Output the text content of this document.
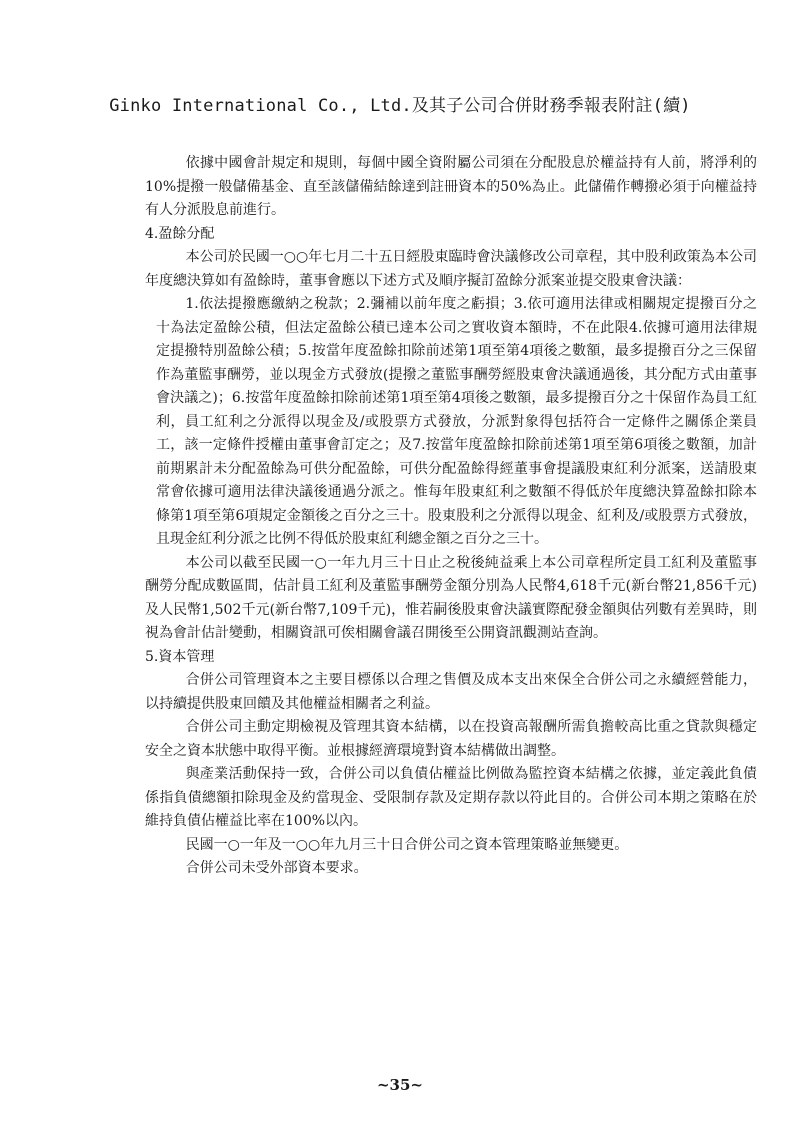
Ginko International Co., Ltd.及其子公司合併財務季報表附註(續)

依據中國會計規定和規則，每個中國全資附屬公司須在分配股息於權益持有人前，將淨利的10%提撥一般儲備基金、直至該儲備結餘達到註冊資本的50%為止。此儲備作轉撥必須于向權益持有人分派股息前進行。

4.盈餘分配

本公司於民國一○○年七月二十五日經股東臨時會決議修改公司章程，其中股利政策為本公司年度總決算如有盈餘時，董事會應以下述方式及順序擬訂盈餘分派案並提交股東會決議：

1.依法提撥應繳納之稅款；2.彌補以前年度之虧損；3.依可適用法律或相關規定提撥百分之十為法定盈餘公積，但法定盈餘公積已達本公司之實收資本額時，不在此限4.依據可適用法律規定提撥特別盈餘公積；5.按當年度盈餘扣除前述第1項至第4項後之數額，最多提撥百分之三保留作為董監事酬勞，並以現金方式發放(提撥之董監事酬勞經股東會決議通過後，其分配方式由董事會決議之)；6.按當年度盈餘扣除前述第1項至第4項後之數額，最多提撥百分之十保留作為員工紅利，員工紅利之分派得以現金及/或股票方式發放，分派對象得包括符合一定條件之關係企業員工，該一定條件授權由董事會訂定之；及7.按當年度盈餘扣除前述第1項至第6項後之數額，加計前期累計未分配盈餘為可供分配盈餘，可供分配盈餘得經董事會提議股東紅利分派案，送請股東常會依據可適用法律決議後通過分派之。惟每年股東紅利之數額不得低於年度總決算盈餘扣除本條第1項至第6項規定金額後之百分之三十。股東股利之分派得以現金、紅利及/或股票方式發放，且現金紅利分派之比例不得低於股東紅利總金額之百分之三十。

本公司以截至民國一○一年九月三十日止之稅後純益乘上本公司章程所定員工紅利及董監事酬勞分配成數區間，估計員工紅利及董監事酬勞金額分別為人民幣4,618千元(新台幣21,856千元)及人民幣1,502千元(新台幣7,109千元)，惟若嗣後股東會決議實際配發金額與估列數有差異時，則視為會計估計變動，相關資訊可俟相關會議召開後至公開資訊觀測站查詢。

5.資本管理

合併公司管理資本之主要目標係以合理之售價及成本支出來保全合併公司之永續經營能力，以持續提供股東回饋及其他權益相關者之利益。

合併公司主動定期檢視及管理其資本結構，以在投資高報酬所需負擔較高比重之貸款與穩定安全之資本狀態中取得平衡。並根據經濟環境對資本結構做出調整。

與產業活動保持一致，合併公司以負債佔權益比例做為監控資本結構之依據，並定義此負債係指負債總額扣除現金及約當現金、受限制存款及定期存款以符此目的。合併公司本期之策略在於維持負債佔權益比率在100%以內。

民國一○一年及一○○年九月三十日合併公司之資本管理策略並無變更。

合併公司未受外部資本要求。

~35~
